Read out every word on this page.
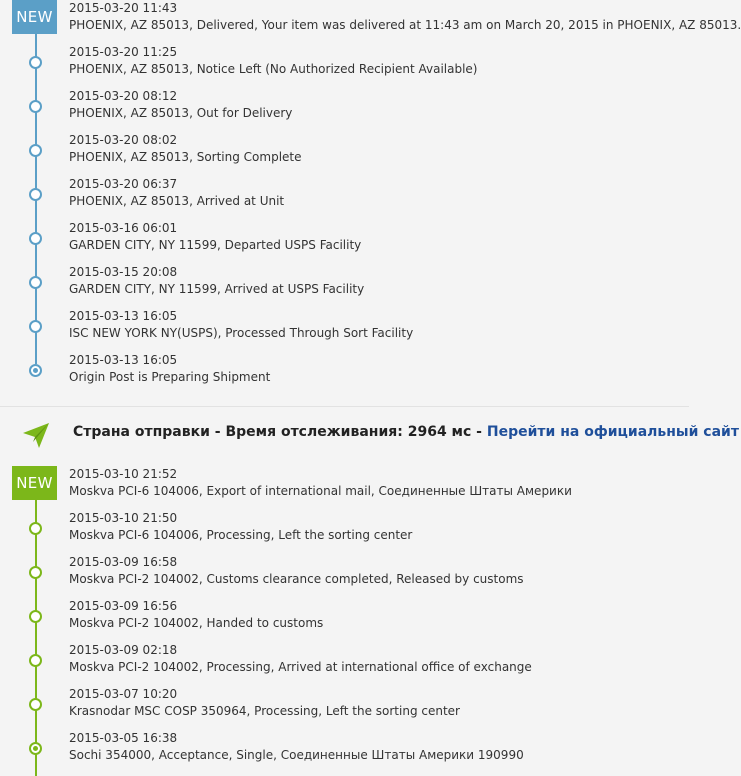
NEW	2015-03-20 11:43
PHOENIX, AZ 85013, Delivered, Your item was delivered at 11:43 am on March 20, 2015 in PHOENIX, AZ 85013.
2015-03-20 11:25
PHOENIX, AZ 85013, Notice Left (No Authorized Recipient Available)
2015-03-20 08:12
PHOENIX, AZ 85013, Out for Delivery
2015-03-20 08:02
PHOENIX, AZ 85013, Sorting Complete
2015-03-20 06:37
PHOENIX, AZ 85013, Arrived at Unit
2015-03-16 06:01
GARDEN CITY, NY 11599, Departed USPS Facility
2015-03-15 20:08
GARDEN CITY, NY 11599, Arrived at USPS Facility
2015-03-13 16:05
ISC NEW YORK NY(USPS), Processed Through Sort Facility
2015-03-13 16:05
Origin Post is Preparing Shipment
Страна отправки - Время отслеживания: 2964 мс - Перейти на официальный сайт
NEW	2015-03-10 21:52
Moskva PCI-6 104006, Export of international mail, Соединенные Штаты Америки
2015-03-10 21:50
Moskva PCI-6 104006, Processing, Left the sorting center
2015-03-09 16:58
Moskva PCI-2 104002, Customs clearance completed, Released by customs
2015-03-09 16:56
Moskva PCI-2 104002, Handed to customs
2015-03-09 02:18
Moskva PCI-2 104002, Processing, Arrived at international office of exchange
2015-03-07 10:20
Krasnodar MSC COSP 350964, Processing, Left the sorting center
2015-03-05 16:38
Sochi 354000, Acceptance, Single, Соединенные Штаты Америки 190990
